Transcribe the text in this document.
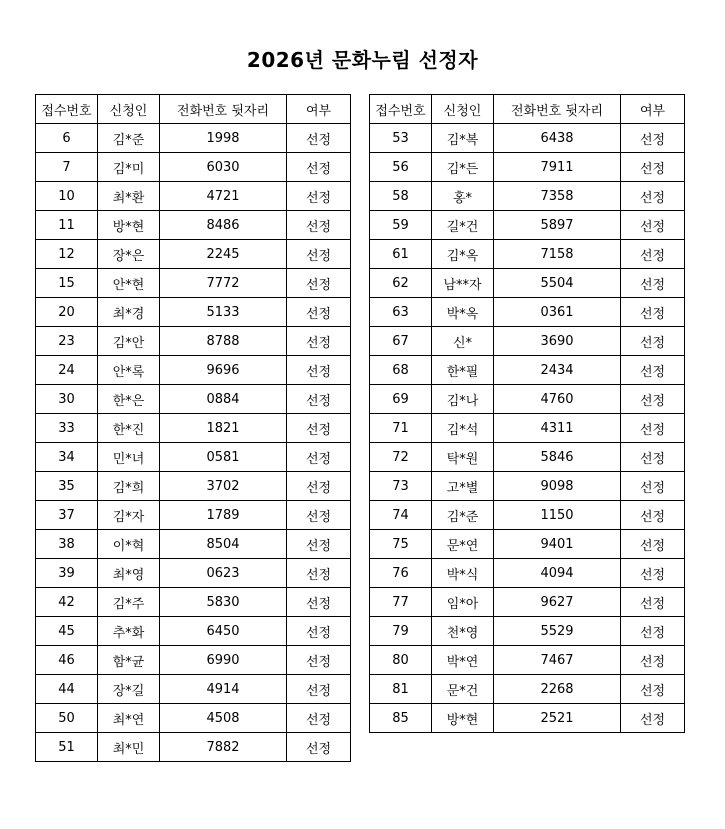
2026년 문화누림 선정자
접수번호	신청인	전화번호 뒷자리	여부
6	김*준	1998	선정
7	김*미	6030	선정
10	최*환	4721	선정
11	방*현	8486	선정
12	장*은	2245	선정
15	안*현	7772	선정
20	최*경	5133	선정
23	김*안	8788	선정
24	안*록	9696	선정
30	한*은	0884	선정
33	한*진	1821	선정
34	민*녀	0581	선정
35	김*희	3702	선정
37	김*자	1789	선정
38	이*혁	8504	선정
39	최*영	0623	선정
42	김*주	5830	선정
45	추*화	6450	선정
46	함*균	6990	선정
44	장*길	4914	선정
50	최*연	4508	선정
51	최*민	7882	선정
접수번호	신청인	전화번호 뒷자리	여부
53	김*복	6438	선정
56	김*든	7911	선정
58	홍*	7358	선정
59	길*건	5897	선정
61	김*옥	7158	선정
62	남**자	5504	선정
63	박*옥	0361	선정
67	신*	3690	선정
68	한*필	2434	선정
69	김*나	4760	선정
71	김*석	4311	선정
72	탁*원	5846	선정
73	고*별	9098	선정
74	김*준	1150	선정
75	문*연	9401	선정
76	박*식	4094	선정
77	임*아	9627	선정
79	천*영	5529	선정
80	박*연	7467	선정
81	문*건	2268	선정
85	방*현	2521	선정
